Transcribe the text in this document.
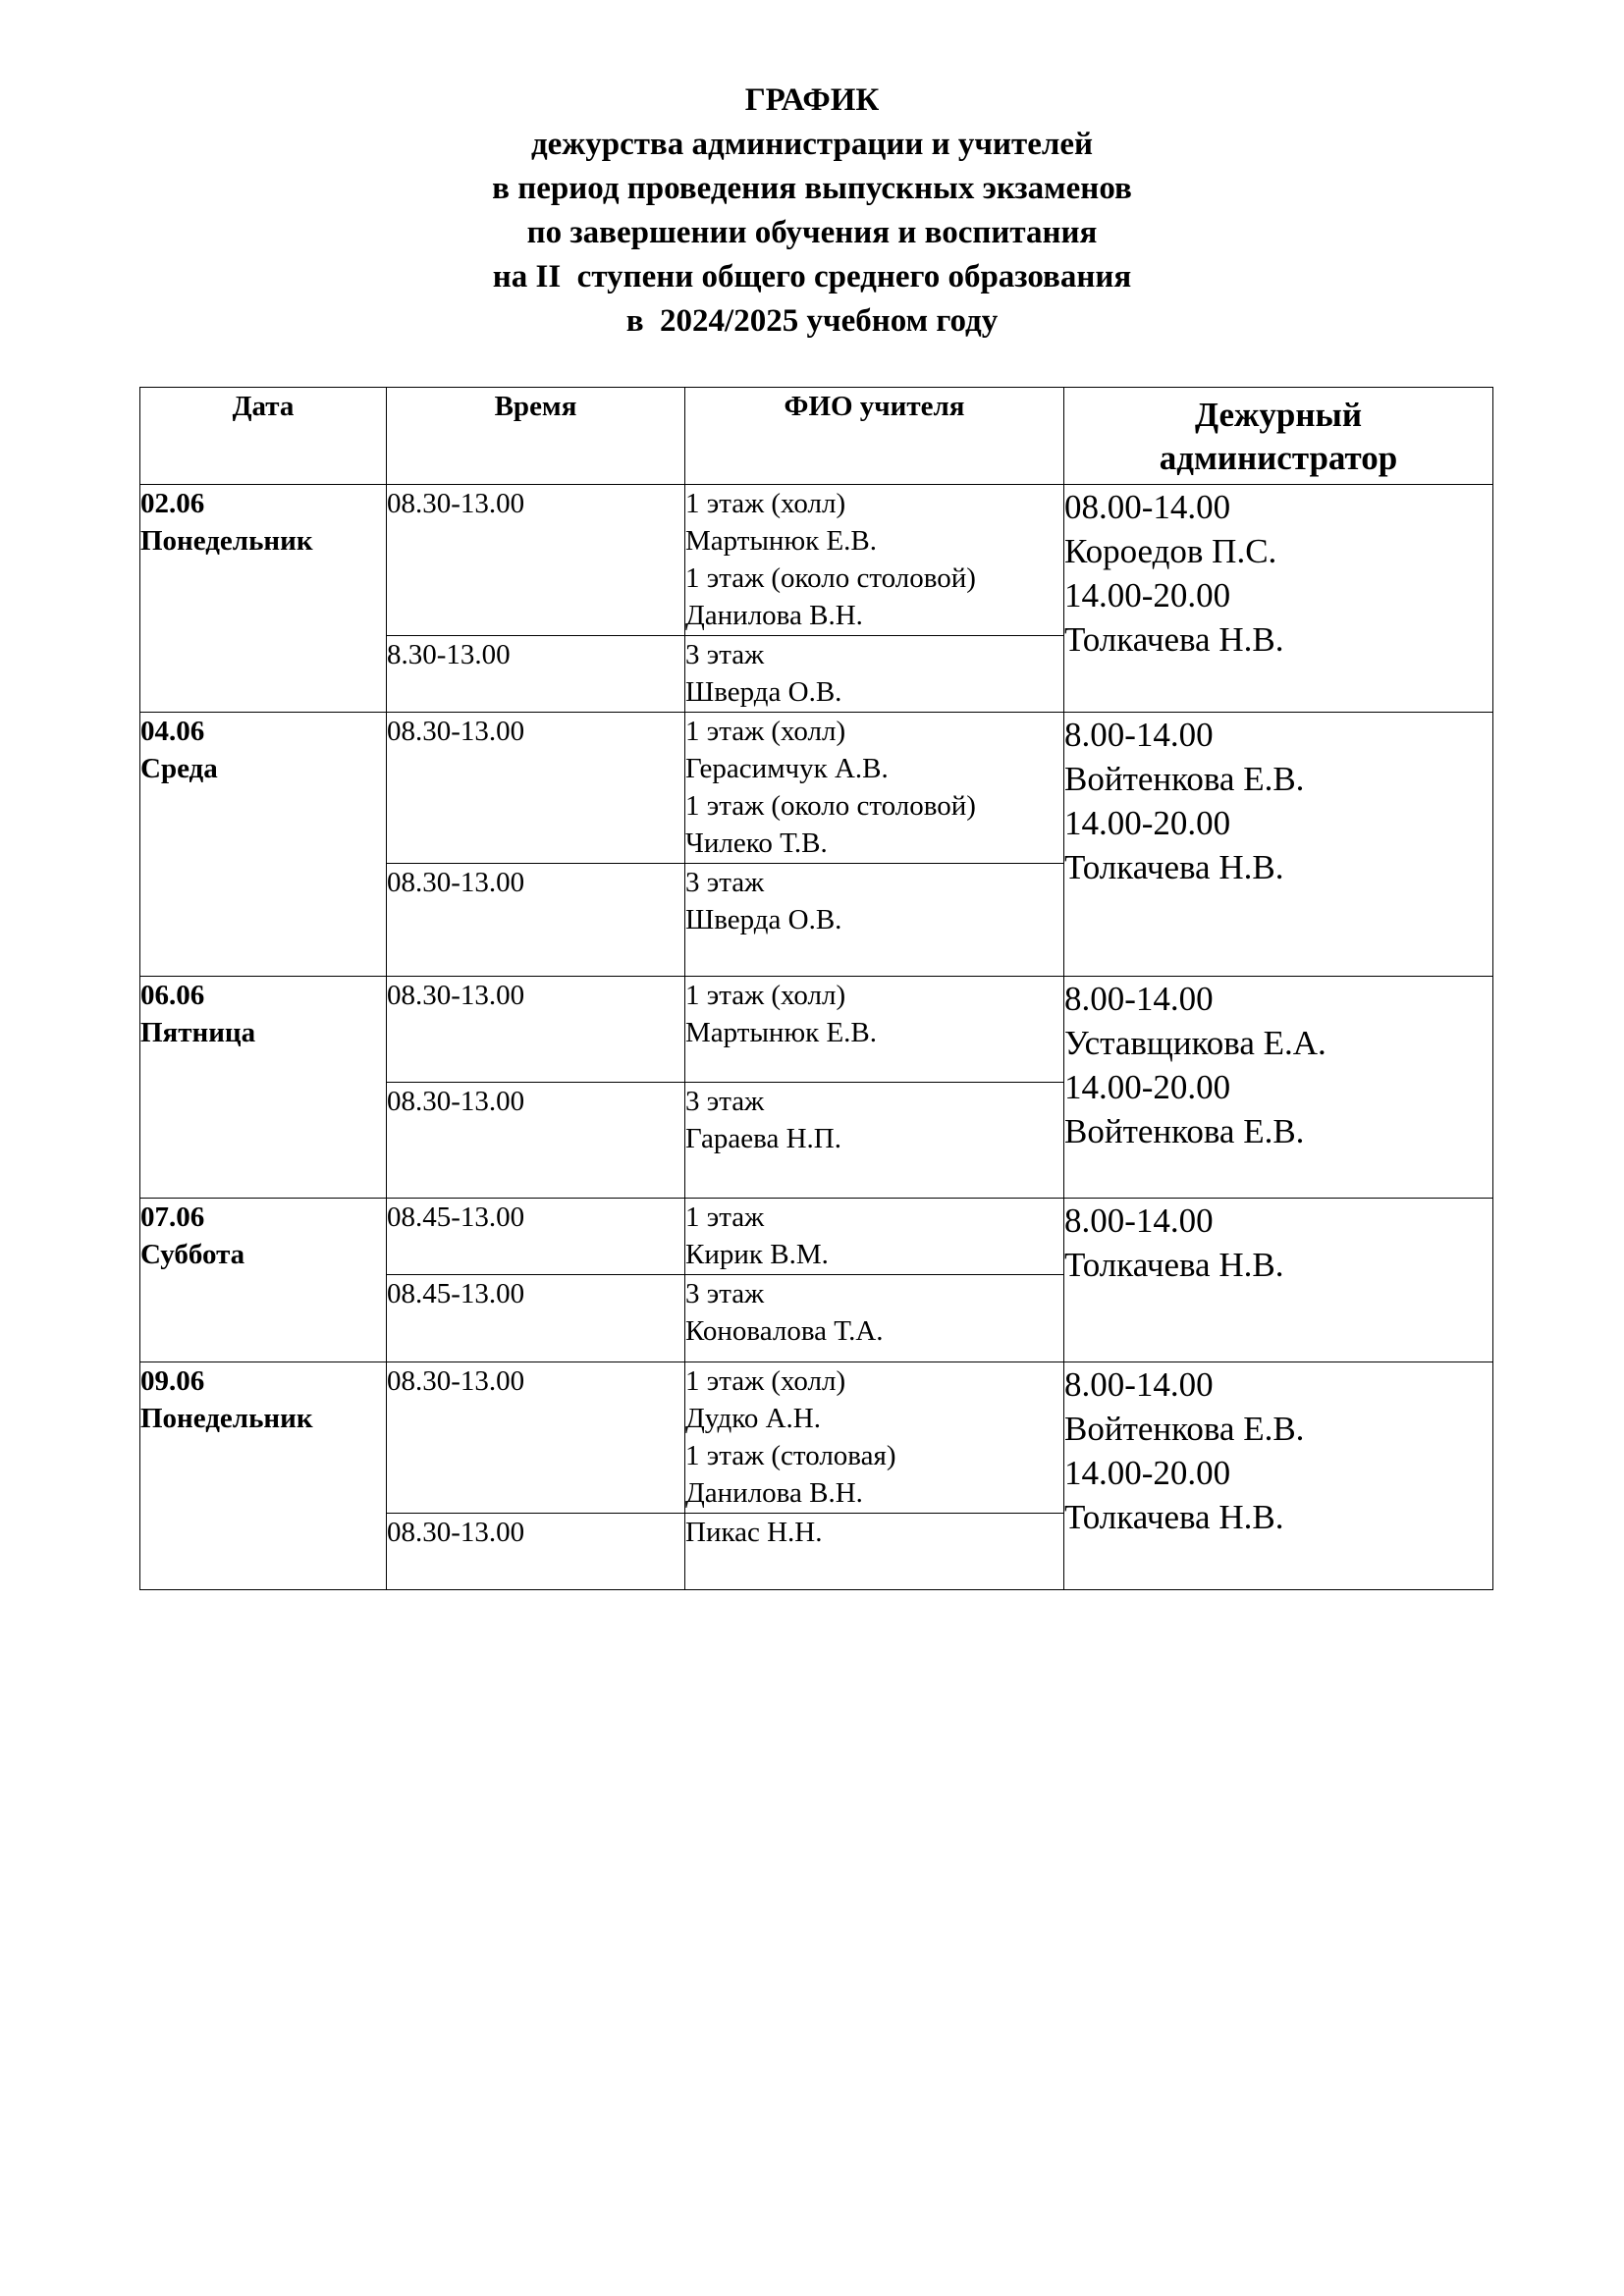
ГРАФИК
дежурства администрации и учителей
в период проведения выпускных экзаменов
по завершении обучения и воспитания
на II  ступени общего среднего образования
в  2024/2025 учебном году
Дата	Время	ФИО учителя	Дежурный
администратор

02.06
Понедельник	08.30-13.00	1 этаж (холл)
Мартынюк Е.В.
1 этаж (около столовой)
Данилова В.Н.	08.00-14.00
Короедов П.С.
14.00-20.00
Толкачева Н.В.

	8.30-13.00	3 этаж
Шверда О.В.	

04.06
Среда	08.30-13.00	1 этаж (холл)
Герасимчук А.В.
1 этаж (около столовой)
Чилеко Т.В.	8.00-14.00
Войтенкова Е.В.
14.00-20.00
Толкачева Н.В.

	08.30-13.00	3 этаж
Шверда О.В.	

06.06
Пятница	08.30-13.00	1 этаж (холл)
Мартынюк Е.В.	8.00-14.00
Уставщикова Е.А.
14.00-20.00
Войтенкова Е.В.

	08.30-13.00	3 этаж
Гараева Н.П.	

07.06
Суббота	08.45-13.00	1 этаж
Кирик В.М.	8.00-14.00
Толкачева Н.В.

	08.45-13.00	3 этаж
Коновалова Т.А.	

09.06
Понедельник	08.30-13.00	1 этаж (холл)
Дудко А.Н.
1 этаж (столовая)
Данилова В.Н.	8.00-14.00
Войтенкова Е.В.
14.00-20.00
Толкачева Н.В.

	08.30-13.00	Пикас Н.Н.	
